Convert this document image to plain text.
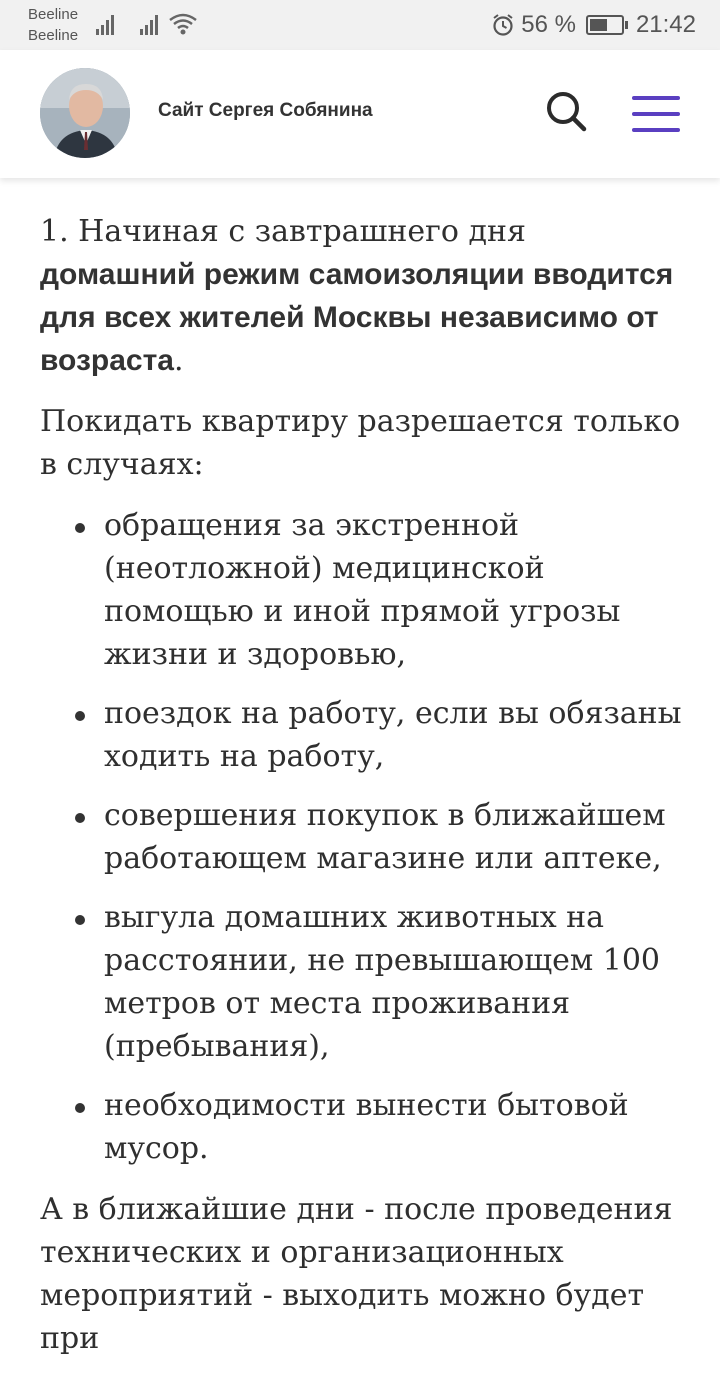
Beeline
Beeline	56 %	21:42
Сайт Сергея Собянина

1. Начиная с завтрашнего дня домашний режим самоизоляции вводится для всех жителей Москвы независимо от возраста.

Покидать квартиру разрешается только в случаях:

обращения за экстренной (неотложной) медицинской помощью и иной прямой угрозы жизни и здоровью,
поездок на работу, если вы обязаны ходить на работу,
совершения покупок в ближайшем работающем магазине или аптеке,
выгула домашних животных на расстоянии, не превышающем 100 метров от места проживания (пребывания),
необходимости вынести бытовой мусор.

А в ближайшие дни - после проведения технических и организационных мероприятий - выходить можно будет при
